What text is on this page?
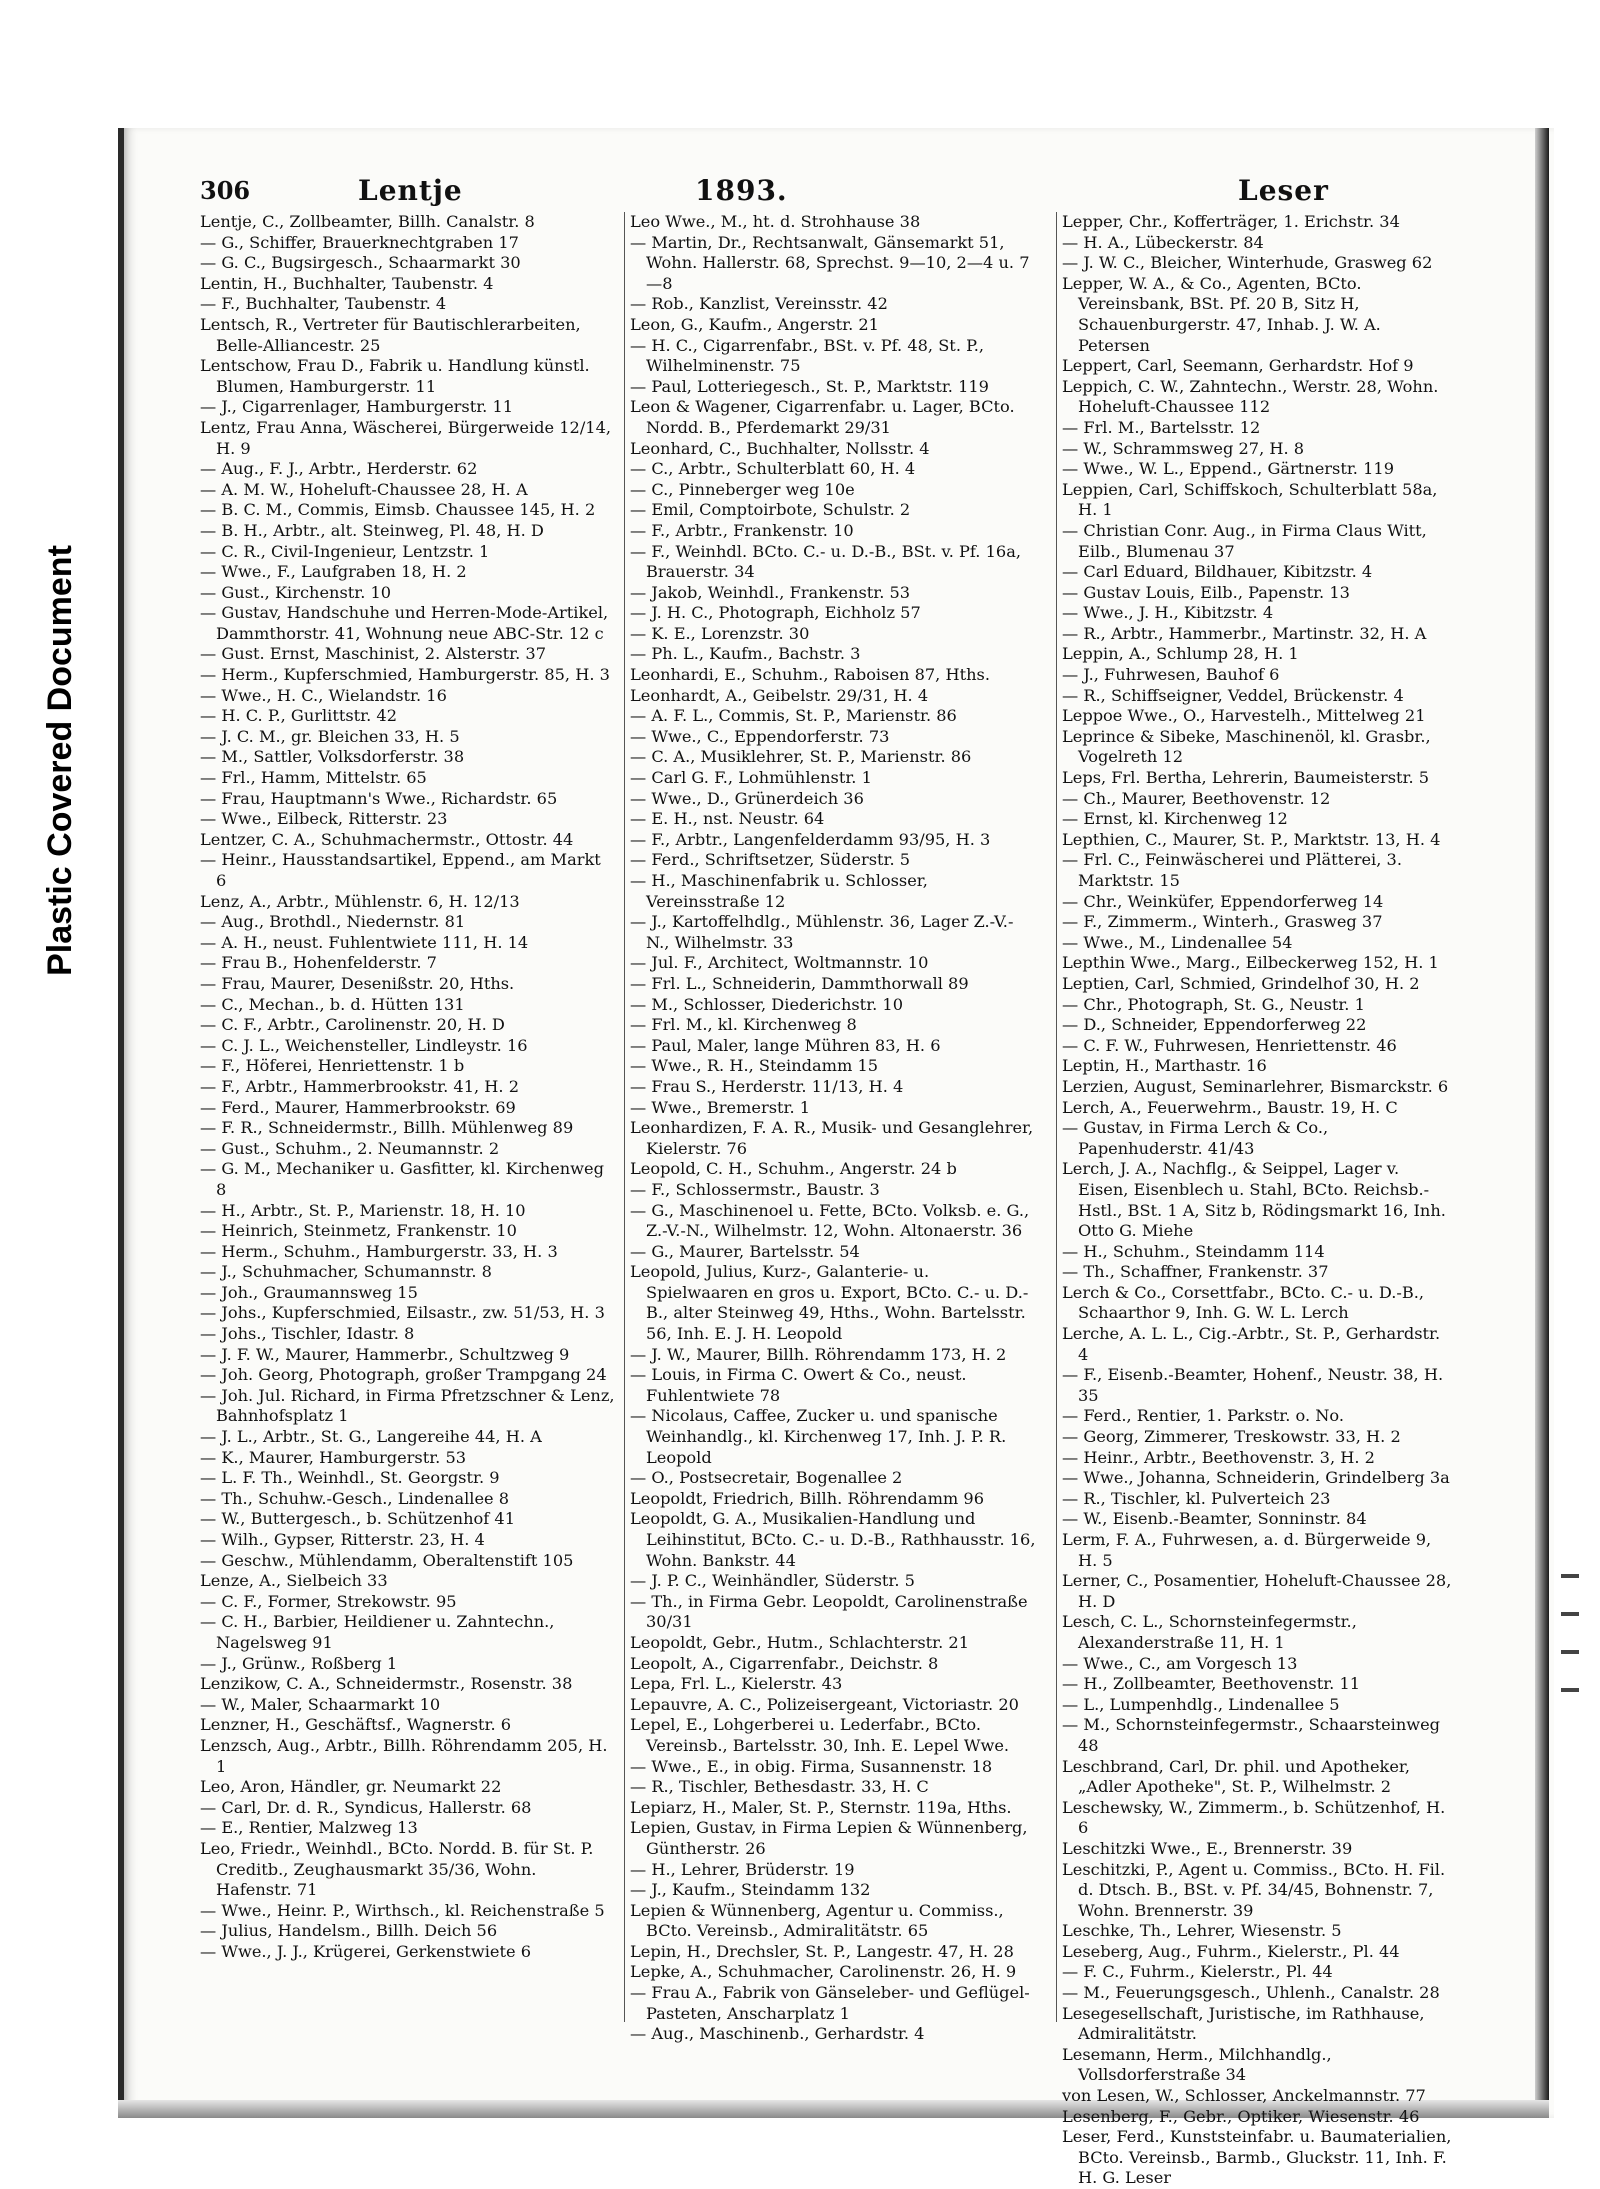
Plastic Covered Document
306	Lentje	1893.	Leser

Lentje, C., Zollbeamter, Billh. Canalstr. 8

— G., Schiffer, Brauerknechtgraben 17

— G. C., Bugsirgesch., Schaarmarkt 30

Lentin, H., Buchhalter, Taubenstr. 4

— F., Buchhalter, Taubenstr. 4

Lentsch, R., Vertreter für Bautischlerarbeiten, Belle-Alliancestr. 25

Lentschow, Frau D., Fabrik u. Handlung künstl. Blumen, Hamburgerstr. 11

— J., Cigarrenlager, Hamburgerstr. 11

Lentz, Frau Anna, Wäscherei, Bürgerweide 12/14, H. 9

— Aug., F. J., Arbtr., Herderstr. 62

— A. M. W., Hoheluft-Chaussee 28, H. A

— B. C. M., Commis, Eimsb. Chaussee 145, H. 2

— B. H., Arbtr., alt. Steinweg, Pl. 48, H. D

— C. R., Civil-Ingenieur, Lentzstr. 1

— Wwe., F., Laufgraben 18, H. 2

— Gust., Kirchenstr. 10

— Gustav, Handschuhe und Herren-Mode-Artikel, Dammthorstr. 41, Wohnung neue ABC-Str. 12 c

— Gust. Ernst, Maschinist, 2. Alsterstr. 37

— Herm., Kupferschmied, Hamburgerstr. 85, H. 3

— Wwe., H. C., Wielandstr. 16

— H. C. P., Gurlittstr. 42

— J. C. M., gr. Bleichen 33, H. 5

— M., Sattler, Volksdorferstr. 38

— Frl., Hamm, Mittelstr. 65

— Frau, Hauptmann's Wwe., Richardstr. 65

— Wwe., Eilbeck, Ritterstr. 23

Lentzer, C. A., Schuhmachermstr., Ottostr. 44

— Heinr., Hausstandsartikel, Eppend., am Markt 6

Lenz, A., Arbtr., Mühlenstr. 6, H. 12/13

— Aug., Brothdl., Niedernstr. 81

— A. H., neust. Fuhlentwiete 111, H. 14

— Frau B., Hohenfelderstr. 7

— Frau, Maurer, Desenißstr. 20, Hths.

— C., Mechan., b. d. Hütten 131

— C. F., Arbtr., Carolinenstr. 20, H. D

— C. J. L., Weichensteller, Lindleystr. 16

— F., Höferei, Henriettenstr. 1 b

— F., Arbtr., Hammerbrookstr. 41, H. 2

— Ferd., Maurer, Hammerbrookstr. 69

— F. R., Schneidermstr., Billh. Mühlenweg 89

— Gust., Schuhm., 2. Neumannstr. 2

— G. M., Mechaniker u. Gasfitter, kl. Kirchenweg 8

— H., Arbtr., St. P., Marienstr. 18, H. 10

— Heinrich, Steinmetz, Frankenstr. 10

— Herm., Schuhm., Hamburgerstr. 33, H. 3

— J., Schuhmacher, Schumannstr. 8

— Joh., Graumannsweg 15

— Johs., Kupferschmied, Eilsastr., zw. 51/53, H. 3

— Johs., Tischler, Idastr. 8

— J. F. W., Maurer, Hammerbr., Schultzweg 9

— Joh. Georg, Photograph, großer Trampgang 24

— Joh. Jul. Richard, in Firma Pfretzschner & Lenz, Bahnhofsplatz 1

— J. L., Arbtr., St. G., Langereihe 44, H. A

— K., Maurer, Hamburgerstr. 53

— L. F. Th., Weinhdl., St. Georgstr. 9

— Th., Schuhw.-Gesch., Lindenallee 8

— W., Buttergesch., b. Schützenhof 41

— Wilh., Gypser, Ritterstr. 23, H. 4

— Geschw., Mühlendamm, Oberaltenstift 105

Lenze, A., Sielbeich 33

— C. F., Former, Strekowstr. 95

— C. H., Barbier, Heildiener u. Zahntechn., Nagelsweg 91

— J., Grünw., Roßberg 1

Lenzikow, C. A., Schneidermstr., Rosenstr. 38

— W., Maler, Schaarmarkt 10

Lenzner, H., Geschäftsf., Wagnerstr. 6

Lenzsch, Aug., Arbtr., Billh. Röhrendamm 205, H. 1

Leo, Aron, Händler, gr. Neumarkt 22

— Carl, Dr. d. R., Syndicus, Hallerstr. 68

— E., Rentier, Malzweg 13

Leo, Friedr., Weinhdl., BCto. Nordd. B. für St. P. Creditb., Zeughausmarkt 35/36, Wohn. Hafenstr. 71

— Wwe., Heinr. P., Wirthsch., kl. Reichenstraße 5

— Julius, Handelsm., Billh. Deich 56

— Wwe., J. J., Krügerei, Gerkenstwiete 6

Leo Wwe., M., ht. d. Strohhause 38

— Martin, Dr., Rechtsanwalt, Gänsemarkt 51, Wohn. Hallerstr. 68, Sprechst. 9—10, 2—4 u. 7—8

— Rob., Kanzlist, Vereinsstr. 42

Leon, G., Kaufm., Angerstr. 21

— H. C., Cigarrenfabr., BSt. v. Pf. 48, St. P., Wilhelminenstr. 75

— Paul, Lotteriegesch., St. P., Marktstr. 119

Leon & Wagener, Cigarrenfabr. u. Lager, BCto. Nordd. B., Pferdemarkt 29/31

Leonhard, C., Buchhalter, Nollsstr. 4

— C., Arbtr., Schulterblatt 60, H. 4

— C., Pinneberger weg 10e

— Emil, Comptoirbote, Schulstr. 2

— F., Arbtr., Frankenstr. 10

— F., Weinhdl. BCto. C.- u. D.-B., BSt. v. Pf. 16a, Brauerstr. 34

— Jakob, Weinhdl., Frankenstr. 53

— J. H. C., Photograph, Eichholz 57

— K. E., Lorenzstr. 30

— Ph. L., Kaufm., Bachstr. 3

Leonhardi, E., Schuhm., Raboisen 87, Hths.

Leonhardt, A., Geibelstr. 29/31, H. 4

— A. F. L., Commis, St. P., Marienstr. 86

— Wwe., C., Eppendorferstr. 73

— C. A., Musiklehrer, St. P., Marienstr. 86

— Carl G. F., Lohmühlenstr. 1

— Wwe., D., Grünerdeich 36

— E. H., nst. Neustr. 64

— F., Arbtr., Langenfelderdamm 93/95, H. 3

— Ferd., Schriftsetzer, Süderstr. 5

— H., Maschinenfabrik u. Schlosser, Vereinsstraße 12

— J., Kartoffelhdlg., Mühlenstr. 36, Lager Z.-V.-N., Wilhelmstr. 33

— Jul. F., Architect, Woltmannstr. 10

— Frl. L., Schneiderin, Dammthorwall 89

— M., Schlosser, Diederichstr. 10

— Frl. M., kl. Kirchenweg 8

— Paul, Maler, lange Mühren 83, H. 6

— Wwe., R. H., Steindamm 15

— Frau S., Herderstr. 11/13, H. 4

— Wwe., Bremerstr. 1

Leonhardizen, F. A. R., Musik- und Gesanglehrer, Kielerstr. 76

Leopold, C. H., Schuhm., Angerstr. 24 b

— F., Schlossermstr., Baustr. 3

— G., Maschinenoel u. Fette, BCto. Volksb. e. G., Z.-V.-N., Wilhelmstr. 12, Wohn. Altonaerstr. 36

— G., Maurer, Bartelsstr. 54

Leopold, Julius, Kurz-, Galanterie- u. Spielwaaren en gros u. Export, BCto. C.- u. D.-B., alter Steinweg 49, Hths., Wohn. Bartelsstr. 56, Inh. E. J. H. Leopold

— J. W., Maurer, Billh. Röhrendamm 173, H. 2

— Louis, in Firma C. Owert & Co., neust. Fuhlentwiete 78

— Nicolaus, Caffee, Zucker u. und spanische Weinhandlg., kl. Kirchenweg 17, Inh. J. P. R. Leopold

— O., Postsecretair, Bogenallee 2

Leopoldt, Friedrich, Billh. Röhrendamm 96

Leopoldt, G. A., Musikalien-Handlung und Leihinstitut, BCto. C.- u. D.-B., Rathhausstr. 16, Wohn. Bankstr. 44

— J. P. C., Weinhändler, Süderstr. 5

— Th., in Firma Gebr. Leopoldt, Carolinenstraße 30/31

Leopoldt, Gebr., Hutm., Schlachterstr. 21

Leopolt, A., Cigarrenfabr., Deichstr. 8

Lepa, Frl. L., Kielerstr. 43

Lepauvre, A. C., Polizeisergeant, Victoriastr. 20

Lepel, E., Lohgerberei u. Lederfabr., BCto. Vereinsb., Bartelsstr. 30, Inh. E. Lepel Wwe.

— Wwe., E., in obig. Firma, Susannenstr. 18

— R., Tischler, Bethesdastr. 33, H. C

Lepiarz, H., Maler, St. P., Sternstr. 119a, Hths.

Lepien, Gustav, in Firma Lepien & Wünnenberg, Güntherstr. 26

— H., Lehrer, Brüderstr. 19

— J., Kaufm., Steindamm 132

Lepien & Wünnenberg, Agentur u. Commiss., BCto. Vereinsb., Admiralitätstr. 65

Lepin, H., Drechsler, St. P., Langestr. 47, H. 28

Lepke, A., Schuhmacher, Carolinenstr. 26, H. 9

— Frau A., Fabrik von Gänseleber- und Geflügel-Pasteten, Anscharplatz 1

— Aug., Maschinenb., Gerhardstr. 4

Lepper, Chr., Kofferträger, 1. Erichstr. 34

— H. A., Lübeckerstr. 84

— J. W. C., Bleicher, Winterhude, Grasweg 62

Lepper, W. A., & Co., Agenten, BCto. Vereinsbank, BSt. Pf. 20 B, Sitz H, Schauenburgerstr. 47, Inhab. J. W. A. Petersen

Leppert, Carl, Seemann, Gerhardstr. Hof 9

Leppich, C. W., Zahntechn., Werstr. 28, Wohn. Hoheluft-Chaussee 112

— Frl. M., Bartelsstr. 12

— W., Schrammsweg 27, H. 8

— Wwe., W. L., Eppend., Gärtnerstr. 119

Leppien, Carl, Schiffskoch, Schulterblatt 58a, H. 1

— Christian Conr. Aug., in Firma Claus Witt, Eilb., Blumenau 37

— Carl Eduard, Bildhauer, Kibitzstr. 4

— Gustav Louis, Eilb., Papenstr. 13

— Wwe., J. H., Kibitzstr. 4

— R., Arbtr., Hammerbr., Martinstr. 32, H. A

Leppin, A., Schlump 28, H. 1

— J., Fuhrwesen, Bauhof 6

— R., Schiffseigner, Veddel, Brückenstr. 4

Leppoe Wwe., O., Harvestelh., Mittelweg 21

Leprince & Sibeke, Maschinenöl, kl. Grasbr., Vogelreth 12

Leps, Frl. Bertha, Lehrerin, Baumeisterstr. 5

— Ch., Maurer, Beethovenstr. 12

— Ernst, kl. Kirchenweg 12

Lepthien, C., Maurer, St. P., Marktstr. 13, H. 4

— Frl. C., Feinwäscherei und Plätterei, 3. Marktstr. 15

— Chr., Weinküfer, Eppendorferweg 14

— F., Zimmerm., Winterh., Grasweg 37

— Wwe., M., Lindenallee 54

Lepthin Wwe., Marg., Eilbeckerweg 152, H. 1

Leptien, Carl, Schmied, Grindelhof 30, H. 2

— Chr., Photograph, St. G., Neustr. 1

— D., Schneider, Eppendorferweg 22

— C. F. W., Fuhrwesen, Henriettenstr. 46

Leptin, H., Marthastr. 16

Lerzien, August, Seminarlehrer, Bismarckstr. 6

Lerch, A., Feuerwehrm., Baustr. 19, H. C

— Gustav, in Firma Lerch & Co., Papenhuderstr. 41/43

Lerch, J. A., Nachflg., & Seippel, Lager v. Eisen, Eisenblech u. Stahl, BCto. Reichsb.-Hstl., BSt. 1 A, Sitz b, Rödingsmarkt 16, Inh. Otto G. Miehe

— H., Schuhm., Steindamm 114

— Th., Schaffner, Frankenstr. 37

Lerch & Co., Corsettfabr., BCto. C.- u. D.-B., Schaarthor 9, Inh. G. W. L. Lerch

Lerche, A. L. L., Cig.-Arbtr., St. P., Gerhardstr. 4

— F., Eisenb.-Beamter, Hohenf., Neustr. 38, H. 35

— Ferd., Rentier, 1. Parkstr. o. No.

— Georg, Zimmerer, Treskowstr. 33, H. 2

— Heinr., Arbtr., Beethovenstr. 3, H. 2

— Wwe., Johanna, Schneiderin, Grindelberg 3a

— R., Tischler, kl. Pulverteich 23

— W., Eisenb.-Beamter, Sonninstr. 84

Lerm, F. A., Fuhrwesen, a. d. Bürgerweide 9, H. 5

Lerner, C., Posamentier, Hoheluft-Chaussee 28, H. D

Lesch, C. L., Schornsteinfegermstr., Alexanderstraße 11, H. 1

— Wwe., C., am Vorgesch 13

— H., Zollbeamter, Beethovenstr. 11

— L., Lumpenhdlg., Lindenallee 5

— M., Schornsteinfegermstr., Schaarsteinweg 48

Leschbrand, Carl, Dr. phil. und Apotheker, „Adler Apotheke", St. P., Wilhelmstr. 2

Leschewsky, W., Zimmerm., b. Schützenhof, H. 6

Leschitzki Wwe., E., Brennerstr. 39

Leschitzki, P., Agent u. Commiss., BCto. H. Fil. d. Dtsch. B., BSt. v. Pf. 34/45, Bohnenstr. 7, Wohn. Brennerstr. 39

Leschke, Th., Lehrer, Wiesenstr. 5

Leseberg, Aug., Fuhrm., Kielerstr., Pl. 44

— F. C., Fuhrm., Kielerstr., Pl. 44

— M., Feuerungsgesch., Uhlenh., Canalstr. 28

Lesegesellschaft, Juristische, im Rathhause, Admiralitätstr.

Lesemann, Herm., Milchhandlg., Vollsdorferstraße 34

von Lesen, W., Schlosser, Anckelmannstr. 77

Lesenberg, F., Gebr., Optiker, Wiesenstr. 46

Leser, Ferd., Kunststeinfabr. u. Baumaterialien, BCto. Vereinsb., Barmb., Gluckstr. 11, Inh. F. H. G. Leser
